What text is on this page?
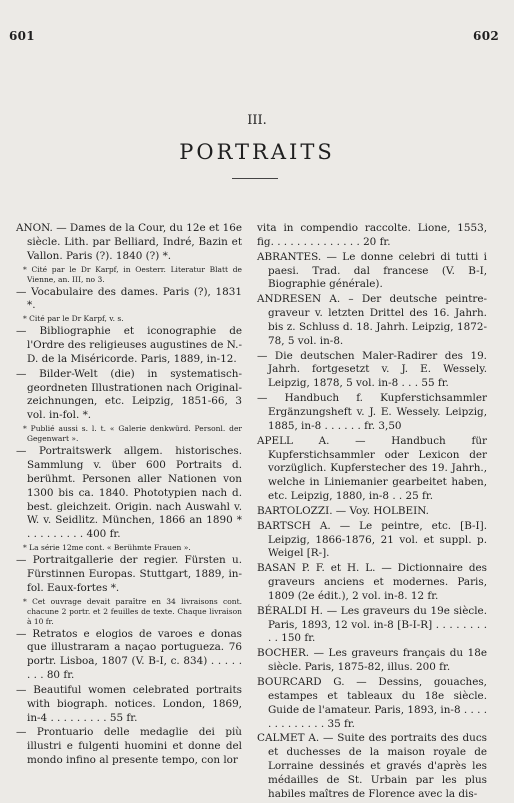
601	602
III.
PORTRAITS

ANON. — Dames de la Cour, du 12e et 16e siècle. Lith. par Belliard, Indré, Bazin et Vallon. Paris (?). 1840 (?) *.

* Cité par le Dr Karpf, in Oesterr. Literatur Blatt de Vienne, an. III, no 3.

— Vocabulaire des dames. Paris (?), 1831 *.

* Cité par le Dr Karpf, v. s.

— Bibliographie et iconographie de l'Ordre des religieuses augustines de N.-D. de la Miséricorde. Paris, 1889, in-12.

— Bilder-Welt (die) in systematisch-geordneten Illustrationen nach Original-zeichnungen, etc. Leipzig, 1851-66, 3 vol. in-fol. *.

* Publié aussi s. l. t. « Galerie denkwürd. Personl. der Gegenwart ».

— Portraitswerk allgem. historisches. Sammlung v. über 600 Portraits d. berühmt. Personen aller Nationen von 1300 bis ca. 1840. Phototypien nach d. best. gleichzeit. Origin. nach Auswahl v. W. v. Seidlitz. München, 1866 an 1890 * . . . . . . . . . 400 fr.

* La série 12me cont. « Berühmte Frauen ».

— Portraitgallerie der regier. Fürsten u. Fürstinnen Europas. Stuttgart, 1889, in-fol. Eaux-fortes *.

* Cet ouvrage devait paraître en 34 livraisons cont. chacune 2 portr. et 2 feuilles de texte. Chaque livraison à 10 fr.

— Retratos e elogios de varoes e donas que illustraram a naçao portugueza. 76 portr. Lisboa, 1807 (V. B-I, c. 834) . . . . . . . . 80 fr.

— Beautiful women celebrated portraits with biograph. notices. London, 1869, in-4 . . . . . . . . . 55 fr.

— Prontuario delle medaglie dei più illustri e fulgenti huomini et donne del mondo infino al presente tempo, con lor

vita in compendio raccolte. Lione, 1553, fig. . . . . . . . . . . . . . 20 fr.

ABRANTES. — Le donne celebri di tutti i paesi. Trad. dal francese (V. B-I, Biographie générale).

ANDRESEN A. – Der deutsche peintre-graveur v. letzten Drittel des 16. Jahrh. bis z. Schluss d. 18. Jahrh. Leipzig, 1872-78, 5 vol. in-8.

— Die deutschen Maler-Radirer des 19. Jahrh. fortgesetzt v. J. E. Wessely. Leipzig, 1878, 5 vol. in-8 . . . 55 fr.

— Handbuch f. Kupferstichsammler Ergänzungsheft v. J. E. Wessely. Leipzig, 1885, in-8 . . . . . . fr. 3,50

APELL A. — Handbuch für Kupferstichsammler oder Lexicon der vorzüglich. Kupferstecher des 19. Jahrh., welche in Liniemanier gearbeitet haben, etc. Leipzig, 1880, in-8 . . 25 fr.

BARTOLOZZI. — Voy. HOLBEIN.

BARTSCH A. — Le peintre, etc. [B-I]. Leipzig, 1866-1876, 21 vol. et suppl. p. Weigel [R-].

BASAN P. F. et H. L. — Dictionnaire des graveurs anciens et modernes. Paris, 1809 (2e édit.), 2 vol. in-8. 12 fr.

BÉRALDI H. — Les graveurs du 19e siècle. Paris, 1893, 12 vol. in-8 [B-I-R] . . . . . . . . . . 150 fr.

BOCHER. — Les graveurs français du 18e siècle. Paris, 1875-82, illus. 200 fr.

BOURCARD G. — Dessins, gouaches, estampes et tableaux du 18e siècle. Guide de l'amateur. Paris, 1893, in-8 . . . . . . . . . . . . . 35 fr.

CALMET A. — Suite des portraits des ducs et duchesses de la maison royale de Lorraine dessinés et gravés d'après les médailles de St. Urbain par les plus habiles maîtres de Florence avec la dis-
